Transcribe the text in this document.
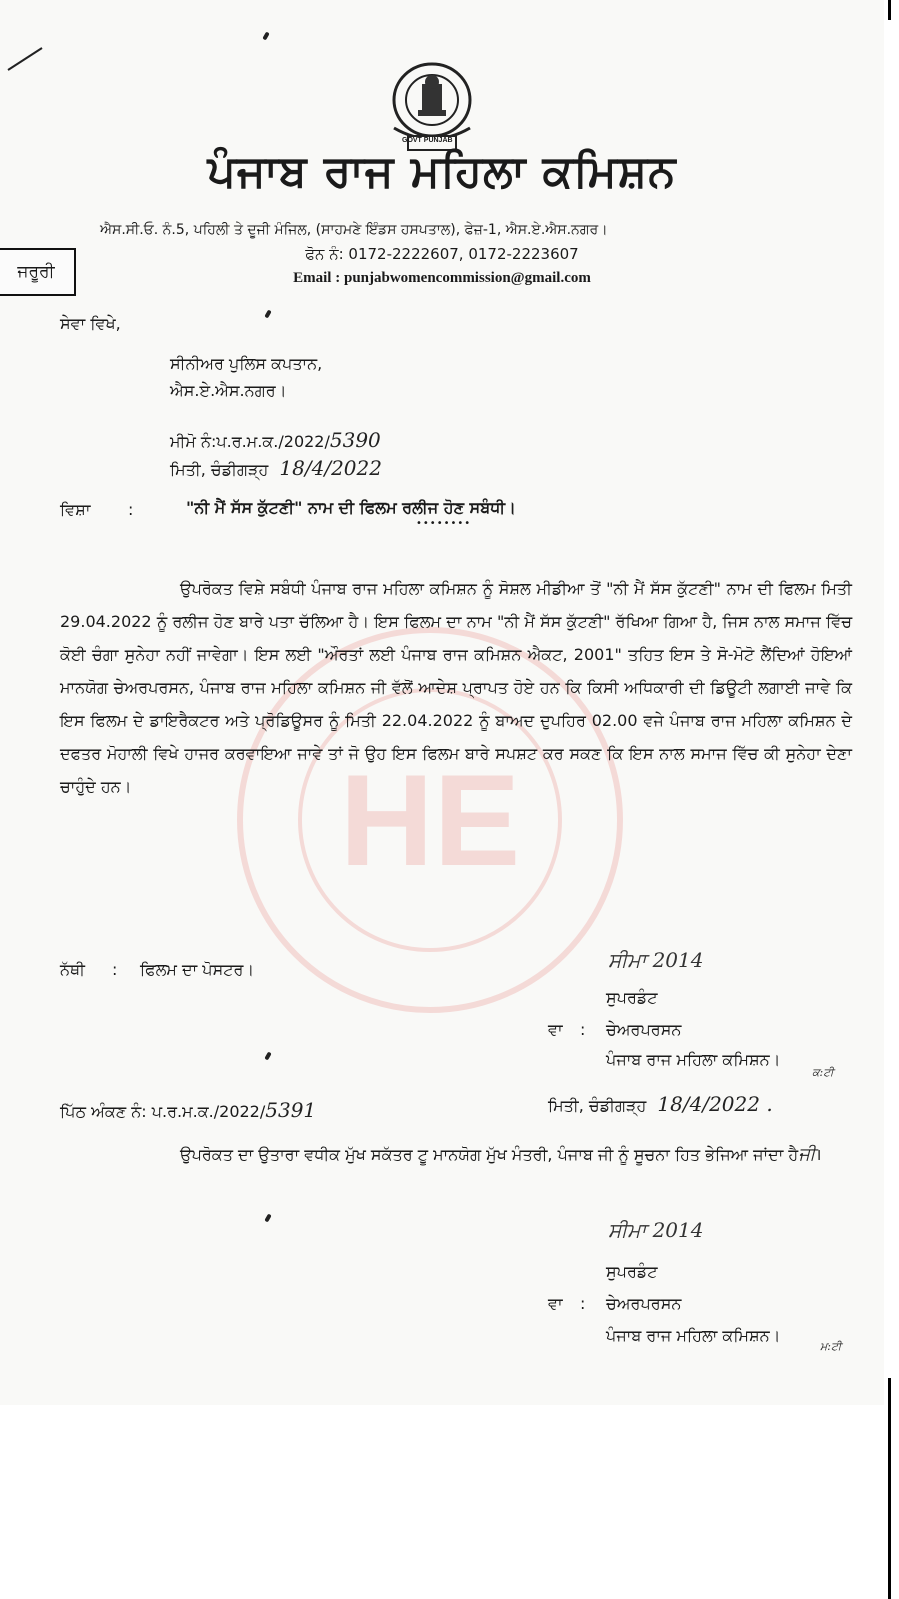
HE
GOVT PUNJAB
ਪੰਜਾਬ ਰਾਜ ਮਹਿਲਾ ਕਮਿਸ਼ਨ
ਐਸ.ਸੀ.ਓ. ਨੰ.5, ਪਹਿਲੀ ਤੇ ਦੂਜੀ ਮੰਜਿਲ, (ਸਾਹਮਣੇ ਇੰਡਸ ਹਸਪਤਾਲ), ਫੇਜ਼-1, ਐਸ.ਏ.ਐਸ.ਨਗਰ।
ਫੋਨ ਨੰ: 0172-2222607, 0172-2223607
Email : punjabwomencommission@gmail.com
ਜਰੂਰੀ
ਸੇਵਾ ਵਿਖੇ,
ਸੀਨੀਅਰ ਪੁਲਿਸ ਕਪਤਾਨ,
ਐਸ.ਏ.ਐਸ.ਨਗਰ।
ਮੀਮੋ ਨੰ:ਪ.ਰ.ਮ.ਕ./2022/5390
ਮਿਤੀ, ਚੰਡੀਗੜ੍ਹ 18/4/2022
ਵਿਸ਼ਾ :	"ਨੀ ਮੈਂ ਸੱਸ ਕੁੱਟਣੀ" ਨਾਮ ਦੀ ਫਿਲਮ ਰਲੀਜ ਹੋਣ ਸਬੰਧੀ।
••••••••

ਉਪਰੋਕਤ ਵਿਸ਼ੇ ਸਬੰਧੀ ਪੰਜਾਬ ਰਾਜ ਮਹਿਲਾ ਕਮਿਸ਼ਨ ਨੂੰ ਸੋਸ਼ਲ ਮੀਡੀਆ ਤੋਂ "ਨੀ ਮੈਂ ਸੱਸ ਕੁੱਟਣੀ" ਨਾਮ ਦੀ ਫਿਲਮ ਮਿਤੀ 29.04.2022 ਨੂੰ ਰਲੀਜ ਹੋਣ ਬਾਰੇ ਪਤਾ ਚੱਲਿਆ ਹੈ। ਇਸ ਫਿਲਮ ਦਾ ਨਾਮ "ਨੀ ਮੈਂ ਸੱਸ ਕੁੱਟਣੀ" ਰੱਖਿਆ ਗਿਆ ਹੈ, ਜਿਸ ਨਾਲ ਸਮਾਜ ਵਿੱਚ ਕੋਈ ਚੰਗਾ ਸੁਨੇਹਾ ਨਹੀਂ ਜਾਵੇਗਾ। ਇਸ ਲਈ "ਔਰਤਾਂ ਲਈ ਪੰਜਾਬ ਰਾਜ ਕਮਿਸ਼ਨ ਐਕਟ, 2001" ਤਹਿਤ ਇਸ ਤੇ ਸੋ-ਮੋਟੋ ਲੈਂਦਿਆਂ ਹੋਇਆਂ ਮਾਨਯੋਗ ਚੇਅਰਪਰਸਨ, ਪੰਜਾਬ ਰਾਜ ਮਹਿਲਾ ਕਮਿਸ਼ਨ ਜੀ ਵੱਲੋਂ ਆਦੇਸ਼ ਪ੍ਰਾਪਤ ਹੋਏ ਹਨ ਕਿ ਕਿਸੀ ਅਧਿਕਾਰੀ ਦੀ ਡਿਊਟੀ ਲਗਾਈ ਜਾਵੇ ਕਿ ਇਸ ਫਿਲਮ ਦੇ ਡਾਇਰੈਕਟਰ ਅਤੇ ਪ੍ਰੋਡਿਊਸਰ ਨੂੰ ਮਿਤੀ 22.04.2022 ਨੂੰ ਬਾਅਦ ਦੁਪਹਿਰ 02.00 ਵਜੇ ਪੰਜਾਬ ਰਾਜ ਮਹਿਲਾ ਕਮਿਸ਼ਨ ਦੇ ਦਫਤਰ ਮੋਹਾਲੀ ਵਿਖੇ ਹਾਜਰ ਕਰਵਾਇਆ ਜਾਵੇ ਤਾਂ ਜੋ ਉਹ ਇਸ ਫਿਲਮ ਬਾਰੇ ਸਪਸ਼ਟ ਕਰ ਸਕਣ ਕਿ ਇਸ ਨਾਲ ਸਮਾਜ ਵਿੱਚ ਕੀ ਸੁਨੇਹਾ ਦੇਣਾ ਚਾਹੁੰਦੇ ਹਨ।

ਨੱਥੀ : ਫਿਲਮ ਦਾ ਪੋਸਟਰ।	ਸੀਮਾ 2014
ਸੁਪਰਡੰਟ
ਵਾ : ਚੇਅਰਪਰਸਨ
ਪੰਜਾਬ ਰਾਜ ਮਹਿਲਾ ਕਮਿਸ਼ਨ।
ਕ:ਟੀ
ਪਿੱਠ ਅੰਕਣ ਨੰ: ਪ.ਰ.ਮ.ਕ./2022/5391	ਮਿਤੀ, ਚੰਡੀਗੜ੍ਹ 18/4/2022 .
ਉਪਰੋਕਤ ਦਾ ਉਤਾਰਾ ਵਧੀਕ ਮੁੱਖ ਸਕੱਤਰ ਟੂ ਮਾਨਯੋਗ ਮੁੱਖ ਮੰਤਰੀ, ਪੰਜਾਬ ਜੀ ਨੂੰ ਸੂਚਨਾ ਹਿਤ ਭੇਜਿਆ ਜਾਂਦਾ ਹੈਜੀ।
ਸੀਮਾ 2014
ਸੁਪਰਡੰਟ
ਵਾ : ਚੇਅਰਪਰਸਨ
ਪੰਜਾਬ ਰਾਜ ਮਹਿਲਾ ਕਮਿਸ਼ਨ।
ਮ:ਟੀ
